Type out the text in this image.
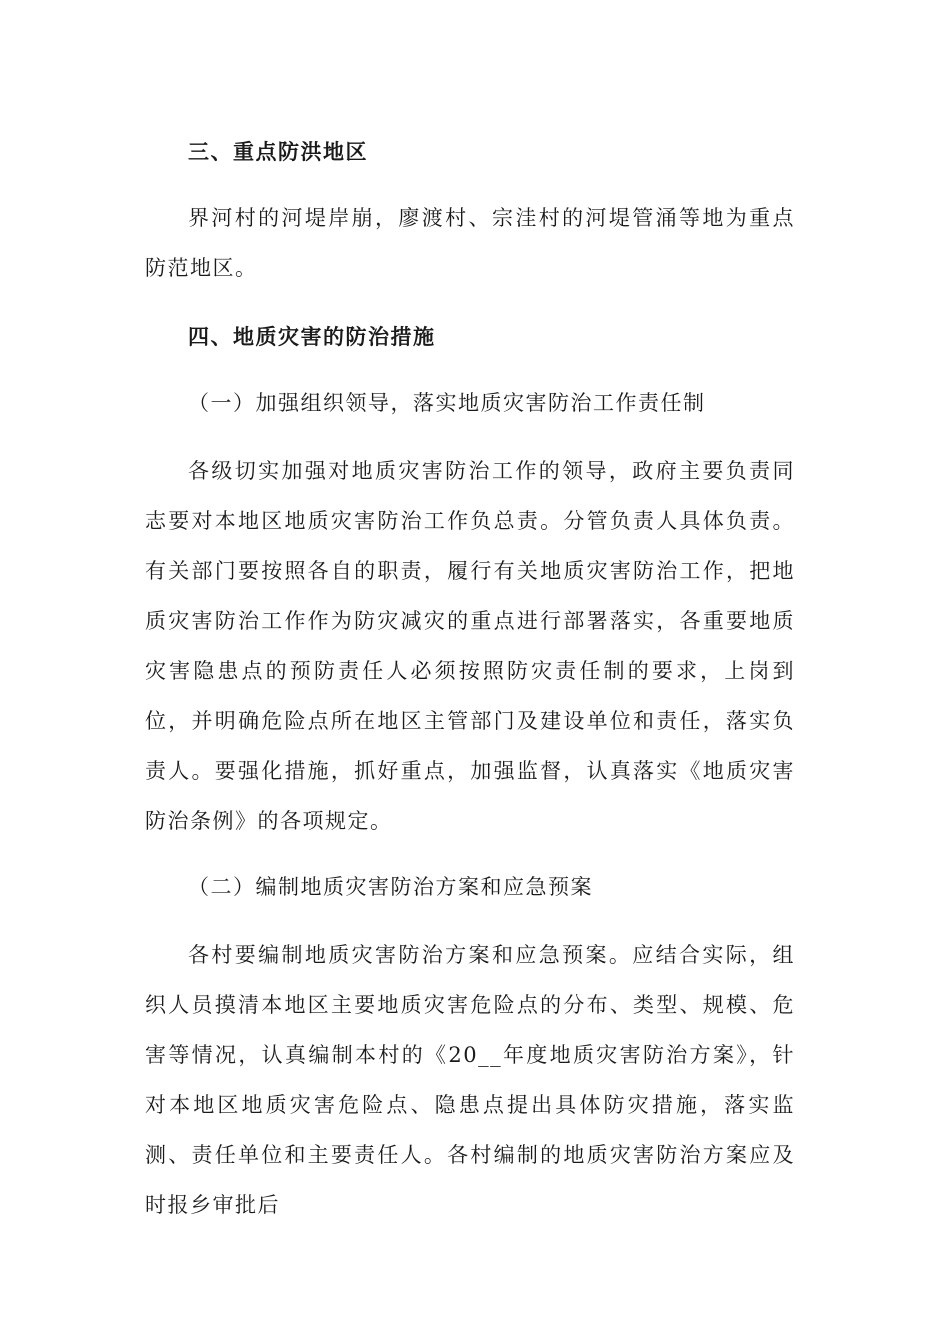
三、重点防洪地区

界河村的河堤岸崩，廖渡村、宗洼村的河堤管涌等地为重点防范地区。

四、地质灾害的防治措施

（一）加强组织领导，落实地质灾害防治工作责任制

各级切实加强对地质灾害防治工作的领导，政府主要负责同志要对本地区地质灾害防治工作负总责。分管负责人具体负责。有关部门要按照各自的职责，履行有关地质灾害防治工作，把地质灾害防治工作作为防灾减灾的重点进行部署落实，各重要地质灾害隐患点的预防责任人必须按照防灾责任制的要求，上岗到位，并明确危险点所在地区主管部门及建设单位和责任，落实负责人。要强化措施，抓好重点，加强监督，认真落实《地质灾害防治条例》的各项规定。

（二）编制地质灾害防治方案和应急预案

各村要编制地质灾害防治方案和应急预案。应结合实际，组织人员摸清本地区主要地质灾害危险点的分布、类型、规模、危害等情况，认真编制本村的《20__年度地质灾害防治方案》，针对本地区地质灾害危险点、隐患点提出具体防灾措施，落实监测、责任单位和主要责任人。各村编制的地质灾害防治方案应及时报乡审批后
